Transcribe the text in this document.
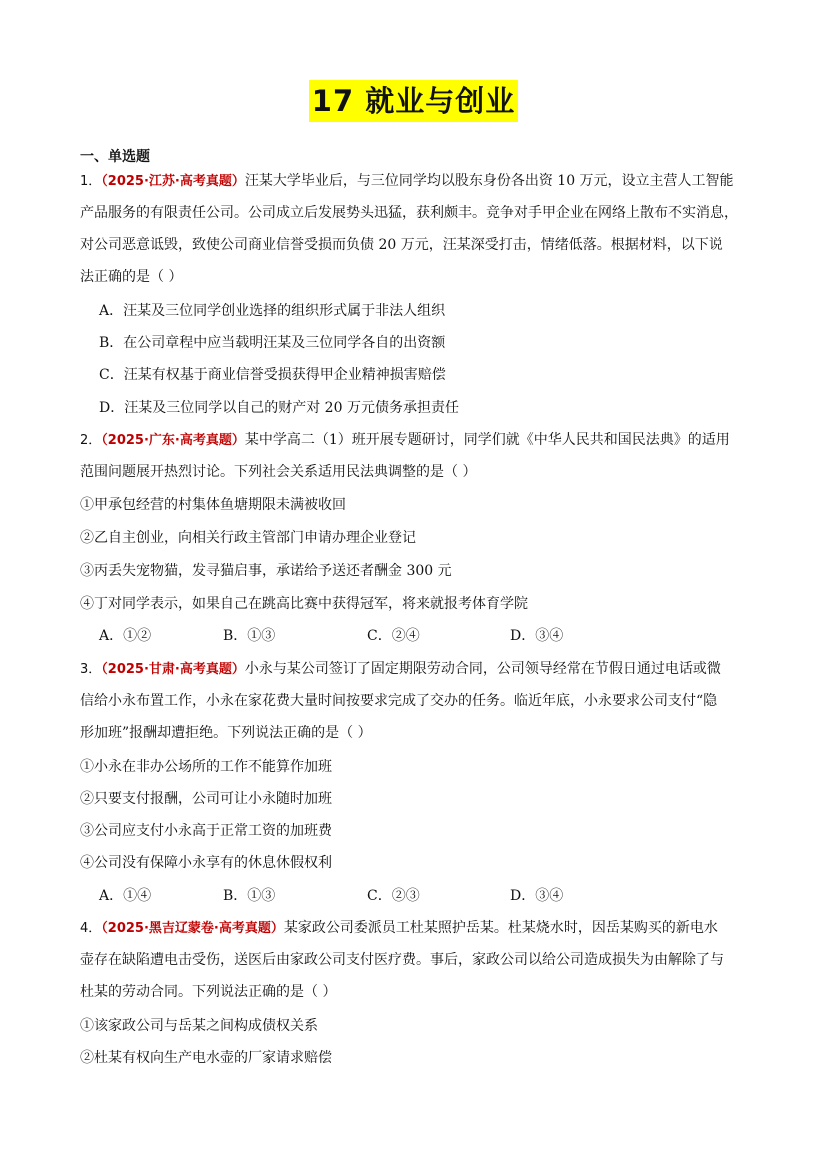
17 就业与创业
一、单选题
1．（2025·江苏·高考真题）汪某大学毕业后，与三位同学均以股东身份各出资 10 万元，设立主营人工智能
产品服务的有限责任公司。公司成立后发展势头迅猛，获利颇丰。竞争对手甲企业在网络上散布不实消息，
对公司恶意诋毁，致使公司商业信誉受损而负债 20 万元，汪某深受打击，情绪低落。根据材料，以下说
法正确的是（ ）
A．汪某及三位同学创业选择的组织形式属于非法人组织
B．在公司章程中应当载明汪某及三位同学各自的出资额
C．汪某有权基于商业信誉受损获得甲企业精神损害赔偿
D．汪某及三位同学以自己的财产对 20 万元债务承担责任
2．（2025·广东·高考真题）某中学高二（1）班开展专题研讨，同学们就《中华人民共和国民法典》的适用
范围问题展开热烈讨论。下列社会关系适用民法典调整的是（ ）
①甲承包经营的村集体鱼塘期限未满被收回
②乙自主创业，向相关行政主管部门申请办理企业登记
③丙丢失宠物猫，发寻猫启事，承诺给予送还者酬金 300 元
④丁对同学表示，如果自己在跳高比赛中获得冠军，将来就报考体育学院
A．①②	B．①③	C．②④	D．③④
3．（2025·甘肃·高考真题）小永与某公司签订了固定期限劳动合同，公司领导经常在节假日通过电话或微
信给小永布置工作，小永在家花费大量时间按要求完成了交办的任务。临近年底，小永要求公司支付“隐
形加班”报酬却遭拒绝。下列说法正确的是（ ）
①小永在非办公场所的工作不能算作加班
②只要支付报酬，公司可让小永随时加班
③公司应支付小永高于正常工资的加班费
④公司没有保障小永享有的休息休假权利
A．①④	B．①③	C．②③	D．③④
4．（2025·黑吉辽蒙卷·高考真题）某家政公司委派员工杜某照护岳某。杜某烧水时，因岳某购买的新电水
壶存在缺陷遭电击受伤，送医后由家政公司支付医疗费。事后，家政公司以给公司造成损失为由解除了与
杜某的劳动合同。下列说法正确的是（ ）
①该家政公司与岳某之间构成债权关系
②杜某有权向生产电水壶的厂家请求赔偿
